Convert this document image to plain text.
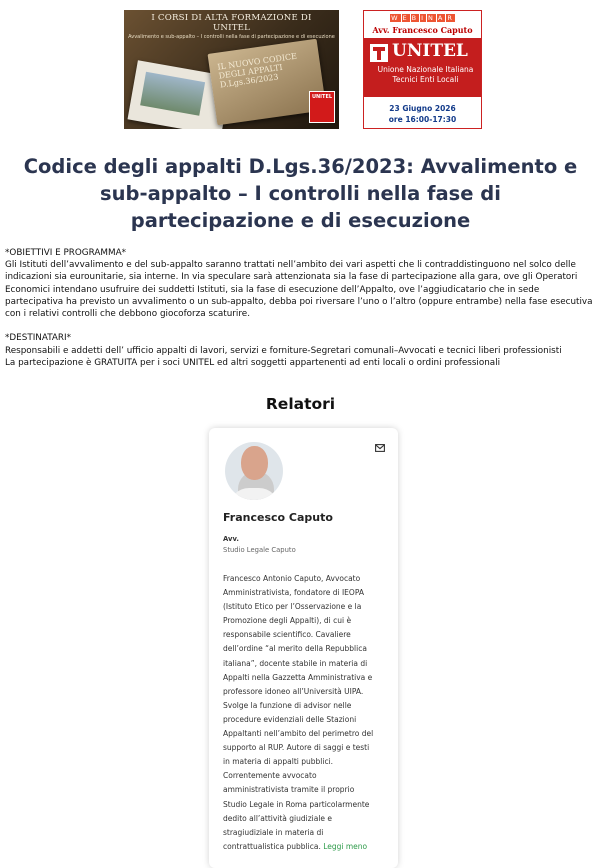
I CORSI DI ALTA FORMAZIONE DI
UNITEL
Avvalimento e sub-appalto – I controlli nella fase di partecipazione e di esecuzione
IL NUOVO CODICE DEGLI APPALTI D.Lgs.36/2023
UNITEL
W E B I N A R
Avv. Francesco Caputo
UNITEL
Unione Nazionale Italiana
Tecnici Enti Locali
23 Giugno 2026
ore 16:00-17:30
Codice degli appalti D.Lgs.36/2023: Avvalimento e sub-appalto – I controlli nella fase di partecipazione e di esecuzione

*OBIETTIVI E PROGRAMMA*

Gli Istituti dell’avvalimento e del sub-appalto saranno trattati nell’ambito dei vari aspetti che li contraddistinguono nel solco delle indicazioni sia eurounitarie, sia interne. In via speculare sarà attenzionata sia la fase di partecipazione alla gara, ove gli Operatori Economici intendano usufruire dei suddetti Istituti, sia la fase di esecuzione dell’Appalto, ove l’aggiudicatario che in sede partecipativa ha previsto un avvalimento o un sub-appalto, debba poi riversare l’uno o l’altro (oppure entrambe) nella fase esecutiva con i relativi controlli che debbono giocoforza scaturire.

*DESTINATARI*

Responsabili e addetti dell’ ufficio appalti di lavori, servizi e forniture-Segretari comunali–Avvocati e tecnici liberi professionisti

La partecipazione è GRATUITA per i soci UNITEL ed altri soggetti appartenenti ad enti locali o ordini professionali

Relatori
Francesco Caputo
Avv.
Studio Legale Caputo

Francesco Antonio Caputo, Avvocato Amministrativista, fondatore di IEOPA (Istituto Etico per l’Osservazione e la Promozione degli Appalti), di cui è responsabile scientifico. Cavaliere dell’ordine “al merito della Repubblica italiana”, docente stabile in materia di Appalti nella Gazzetta Amministrativa e professore idoneo all’Università UIPA. Svolge la funzione di advisor nelle procedure evidenziali delle Stazioni Appaltanti nell’ambito del perimetro del supporto al RUP. Autore di saggi e testi in materia di appalti pubblici. Correntemente avvocato amministrativista tramite il proprio Studio Legale in Roma particolarmente dedito all’attività giudiziale e stragiudiziale in materia di contrattualistica pubblica. Leggi meno
